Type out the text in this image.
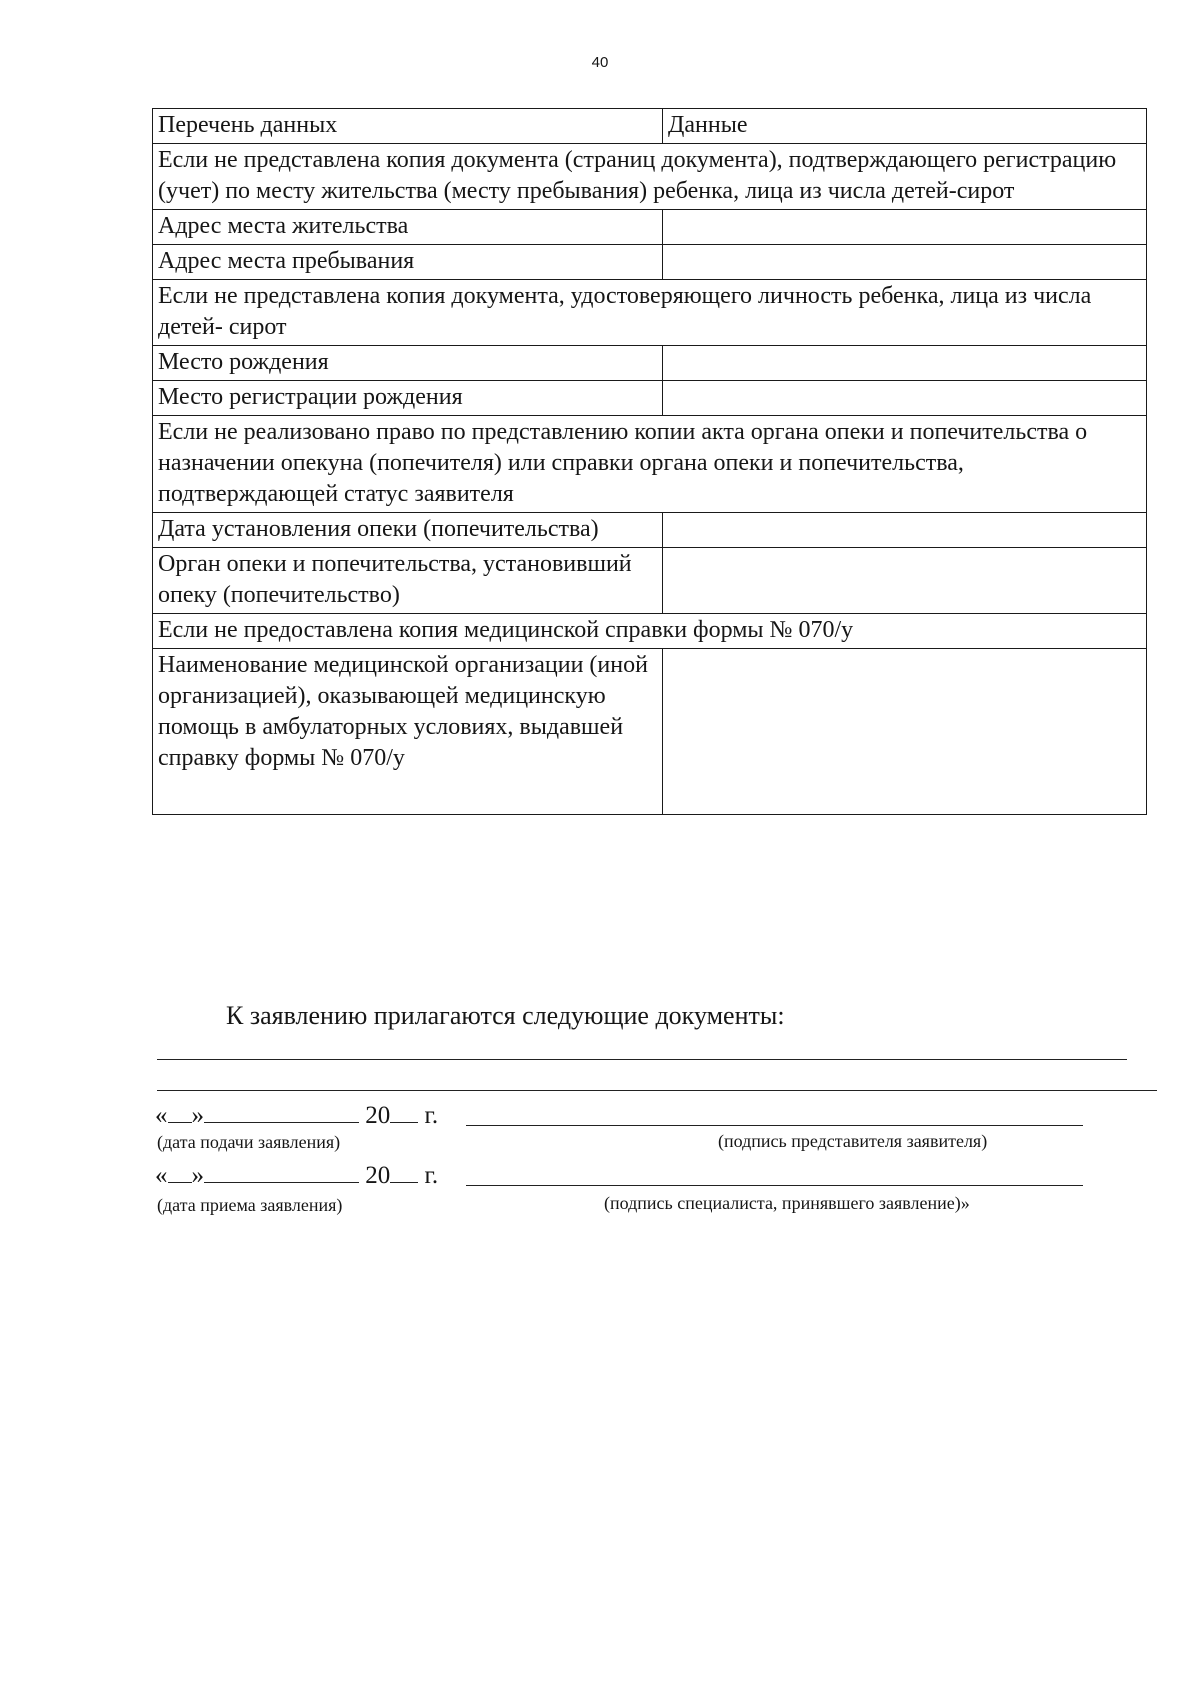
40
Перечень данных	Данные
Если не представлена копия документа (страниц документа), подтверждающего регистрацию (учет) по месту жительства (месту пребывания) ребенка, лица из числа детей-сирот	
Адрес места жительства	
Адрес места пребывания	
Если не представлена копия документа, удостоверяющего личность ребенка, лица из числа детей- сирот	
Место рождения	
Место регистрации рождения	
Если не реализовано право по представлению копии акта органа опеки и попечительства о назначении опекуна (попечителя) или справки органа опеки и попечительства, подтверждающей статус заявителя	
Дата установления опеки (попечительства)	
Орган опеки и попечительства, установивший опеку (попечительство)	
Если не предоставлена копия медицинской справки формы № 070/у	
Наименование медицинской организации (иной организацией), оказывающей медицинскую помощь в амбулаторных условиях, выдавшей справку формы № 070/у	
К заявлению прилагаются следующие документы:
« »	20 г.
(дата подачи заявления)	(подпись представителя заявителя)
« »	20 г.
(дата приема заявления)	(подпись специалиста, принявшего заявление)»
